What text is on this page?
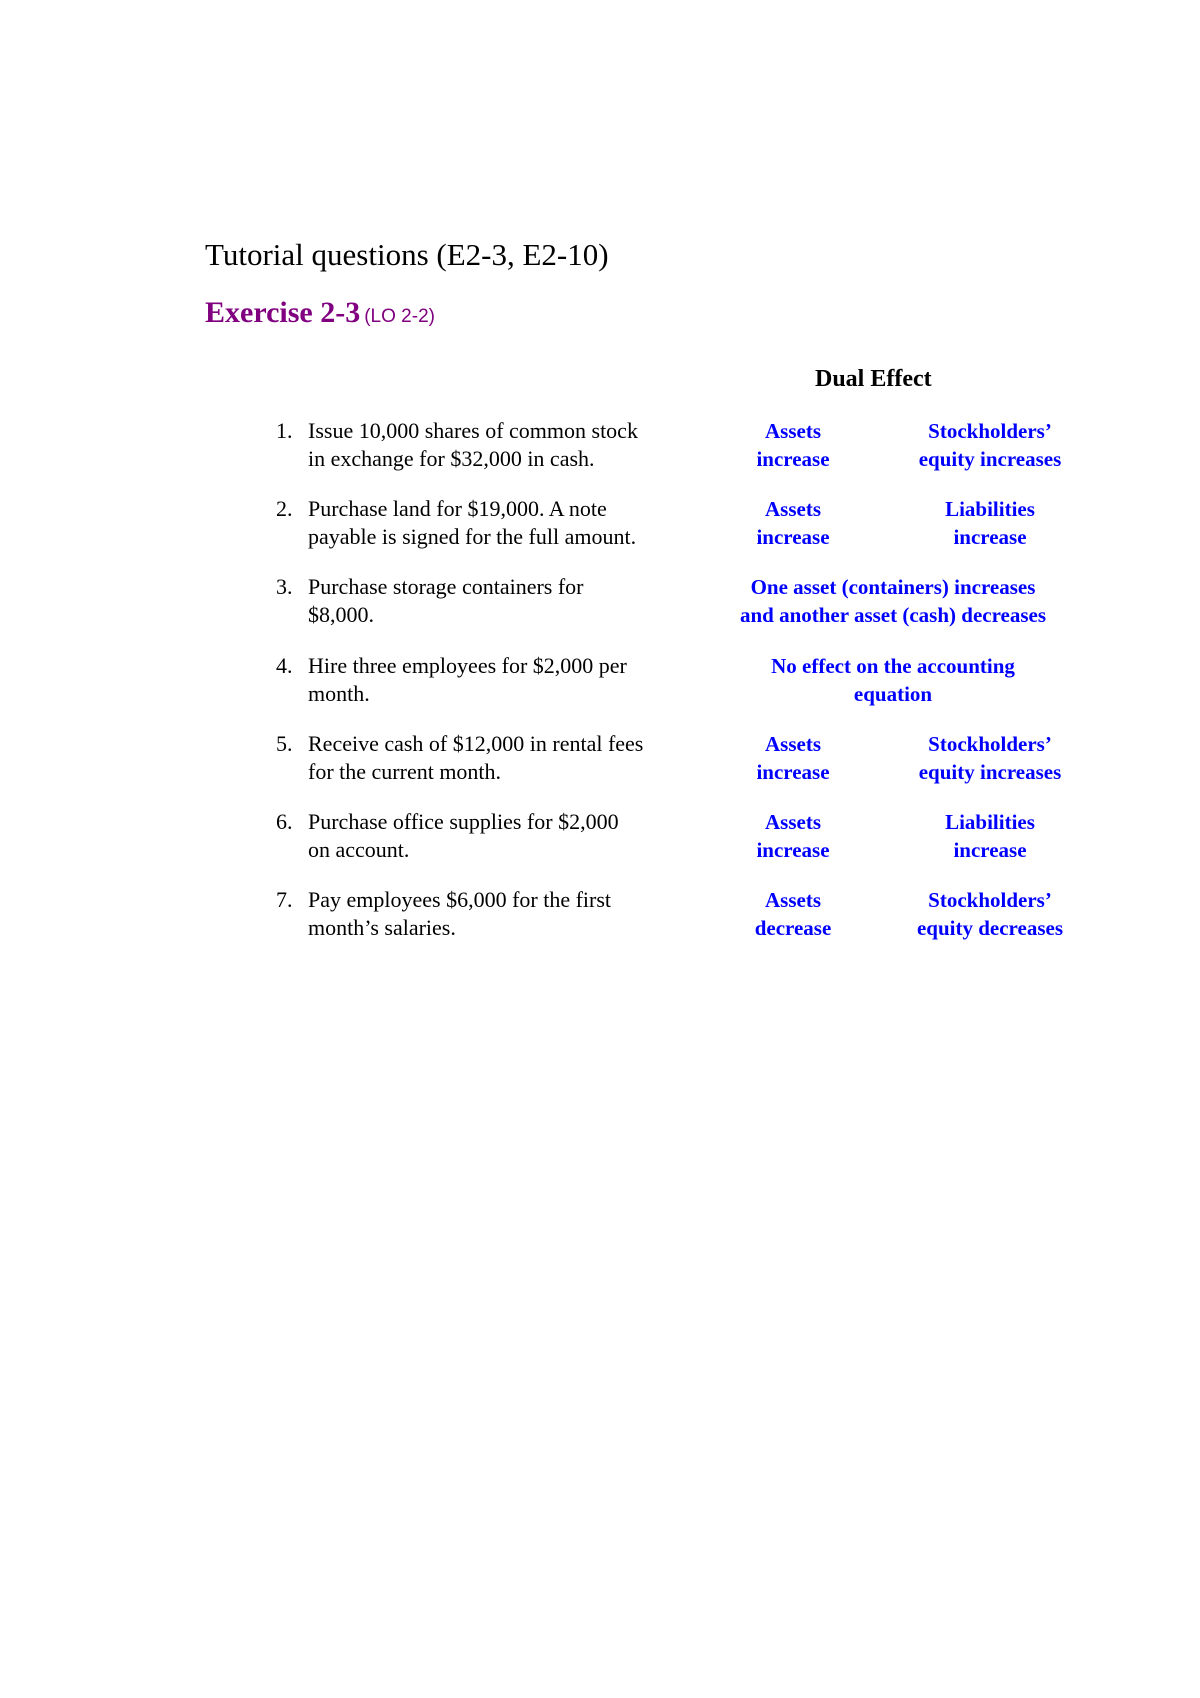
Tutorial questions (E2-3, E2-10)
Exercise 2-3 (LO 2-2)
Dual Effect
1. Issue 10,000 shares of common stock
in exchange for $32,000 in cash.
Assets
increase
Stockholders’
equity increases
2. Purchase land for $19,000. A note
payable is signed for the full amount.
Assets
increase
Liabilities
increase
3. Purchase storage containers for
$8,000.
One asset (containers) increases
and another asset (cash) decreases
4. Hire three employees for $2,000 per
month.
No effect on the accounting
equation
5. Receive cash of $12,000 in rental fees
for the current month.
Assets
increase
Stockholders’
equity increases
6. Purchase office supplies for $2,000
on account.
Assets
increase
Liabilities
increase
7. Pay employees $6,000 for the first
month’s salaries.
Assets
decrease
Stockholders’
equity decreases
